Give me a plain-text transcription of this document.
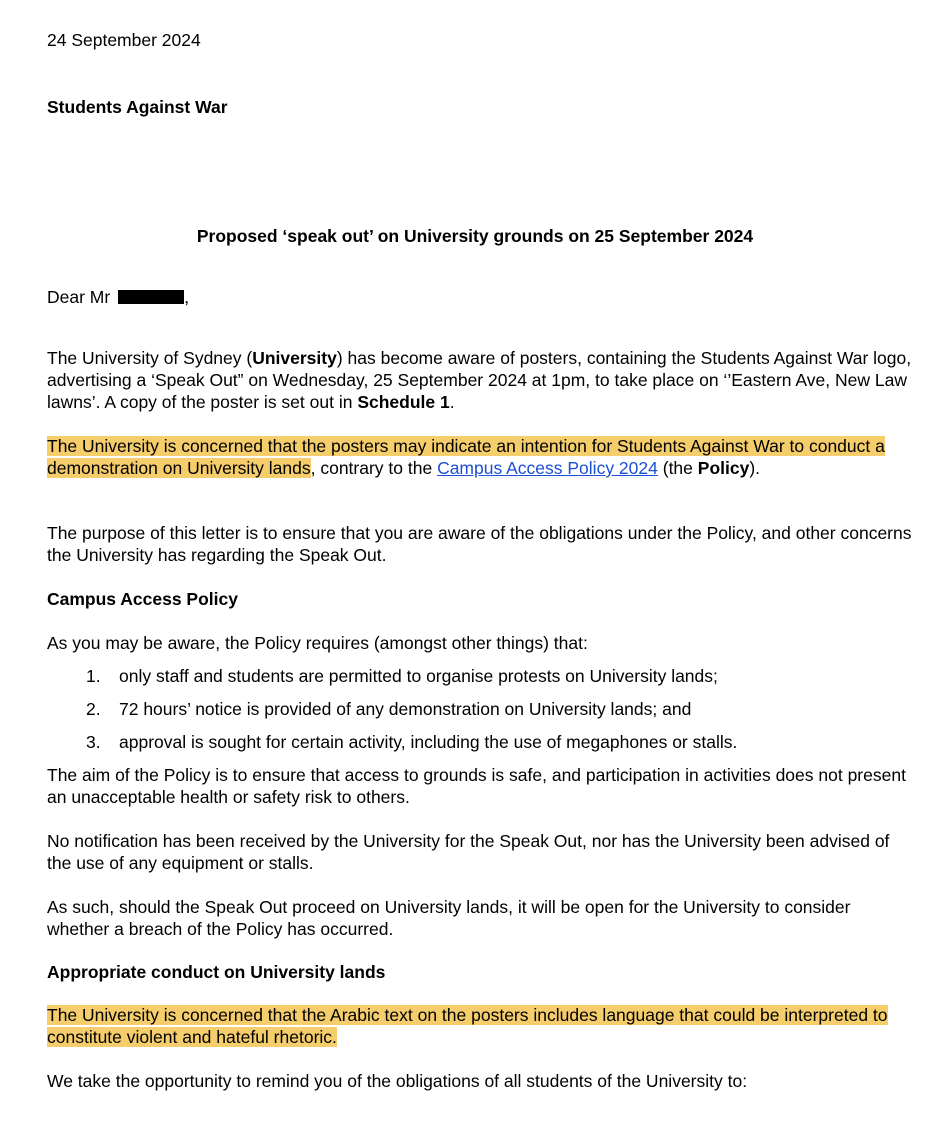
24 September 2024

Students Against War

Proposed ‘speak out’ on University grounds on 25 September 2024

Dear Mr	,

The University of Sydney (University) has become aware of posters, containing the Students Against War logo, advertising a ‘Speak Out” on Wednesday, 25 September 2024 at 1pm, to take place on ‘’Eastern Ave, New Law lawns’. A copy of the poster is set out in Schedule 1.

The University is concerned that the posters may indicate an intention for Students Against War to conduct a demonstration on University lands, contrary to the Campus Access Policy 2024 (the Policy).

The purpose of this letter is to ensure that you are aware of the obligations under the Policy, and other concerns the University has regarding the Speak Out.

Campus Access Policy

As you may be aware, the Policy requires (amongst other things) that:

1. only staff and students are permitted to organise protests on University lands;

2. 72 hours’ notice is provided of any demonstration on University lands; and

3. approval is sought for certain activity, including the use of megaphones or stalls.

The aim of the Policy is to ensure that access to grounds is safe, and participation in activities does not present an unacceptable health or safety risk to others.

No notification has been received by the University for the Speak Out, nor has the University been advised of the use of any equipment or stalls.

As such, should the Speak Out proceed on University lands, it will be open for the University to consider whether a breach of the Policy has occurred.

Appropriate conduct on University lands

The University is concerned that the Arabic text on the posters includes language that could be interpreted to constitute violent and hateful rhetoric.

We take the opportunity to remind you of the obligations of all students of the University to:
